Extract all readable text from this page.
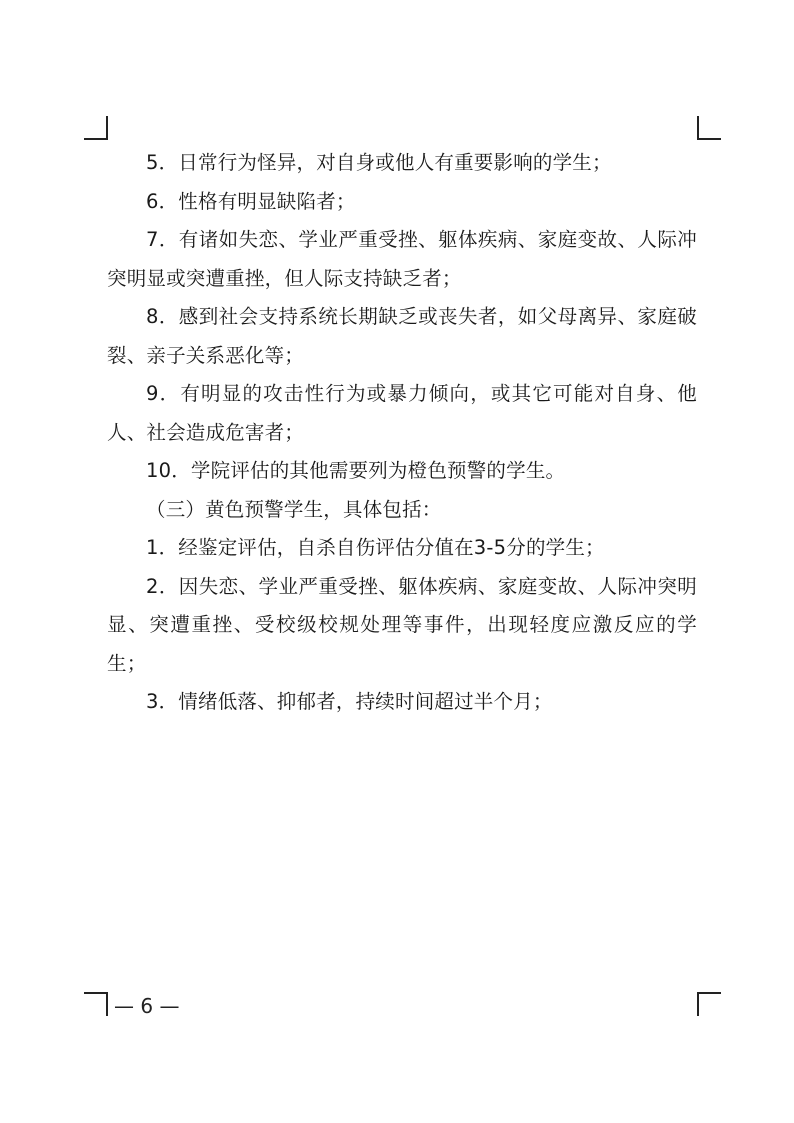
5．日常行为怪异，对自身或他人有重要影响的学生；

6．性格有明显缺陷者；

7．有诸如失恋、学业严重受挫、躯体疾病、家庭变故、人际冲突明显或突遭重挫，但人际支持缺乏者；

8．感到社会支持系统长期缺乏或丧失者，如父母离异、家庭破裂、亲子关系恶化等；

9．有明显的攻击性行为或暴力倾向，或其它可能对自身、他人、社会造成危害者；

10．学院评估的其他需要列为橙色预警的学生。

（三）黄色预警学生，具体包括：

1．经鉴定评估，自杀自伤评估分值在3-5分的学生；

2．因失恋、学业严重受挫、躯体疾病、家庭变故、人际冲突明显、突遭重挫、受校级校规处理等事件，出现轻度应激反应的学生；

3．情绪低落、抑郁者，持续时间超过半个月；

— 6 —
